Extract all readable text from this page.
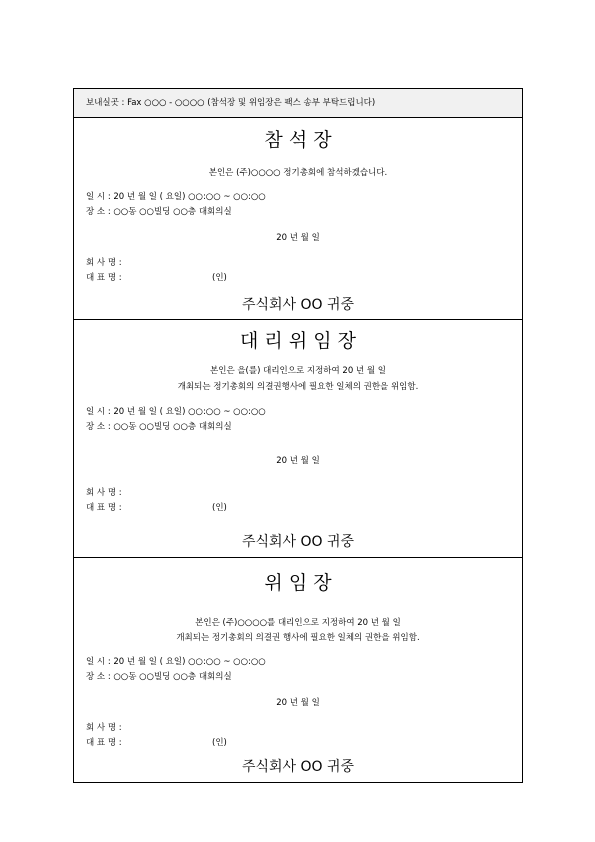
보내실곳 : Fax ○○○ - ○○○○ (참석장 및 위임장은 팩스 송부 부탁드립니다)
참 석 장
본인은 (주)○○○○ 정기총회에 참석하겠습니다.
일 시 : 20 년 월 일 ( 요일) ○○:○○ ~ ○○:○○
장 소 : ○○동 ○○빌딩 ○○층 대회의실
20 년 월 일
회 사 명 :
대 표 명 :	(인)
주식회사 OO 귀중
대 리 위 임 장
본인은 을(를) 대리인으로 지정하여 20 년 월 일
개최되는 정기총회의 의결권행사에 필요한 일체의 권한을 위임함.
일 시 : 20 년 월 일 ( 요일) ○○:○○ ~ ○○:○○
장 소 : ○○동 ○○빌딩 ○○층 대회의실
20 년 월 일
회 사 명 :
대 표 명 :	(인)
주식회사 OO 귀중
위 임 장
본인은 (주)○○○○를 대리인으로 지정하여 20 년 월 일
개최되는 정기총회의 의결권 행사에 필요한 일체의 권한을 위임함.
일 시 : 20 년 월 일 ( 요일) ○○:○○ ~ ○○:○○
장 소 : ○○동 ○○빌딩 ○○층 대회의실
20 년 월 일
회 사 명 :
대 표 명 :	(인)
주식회사 OO 귀중
